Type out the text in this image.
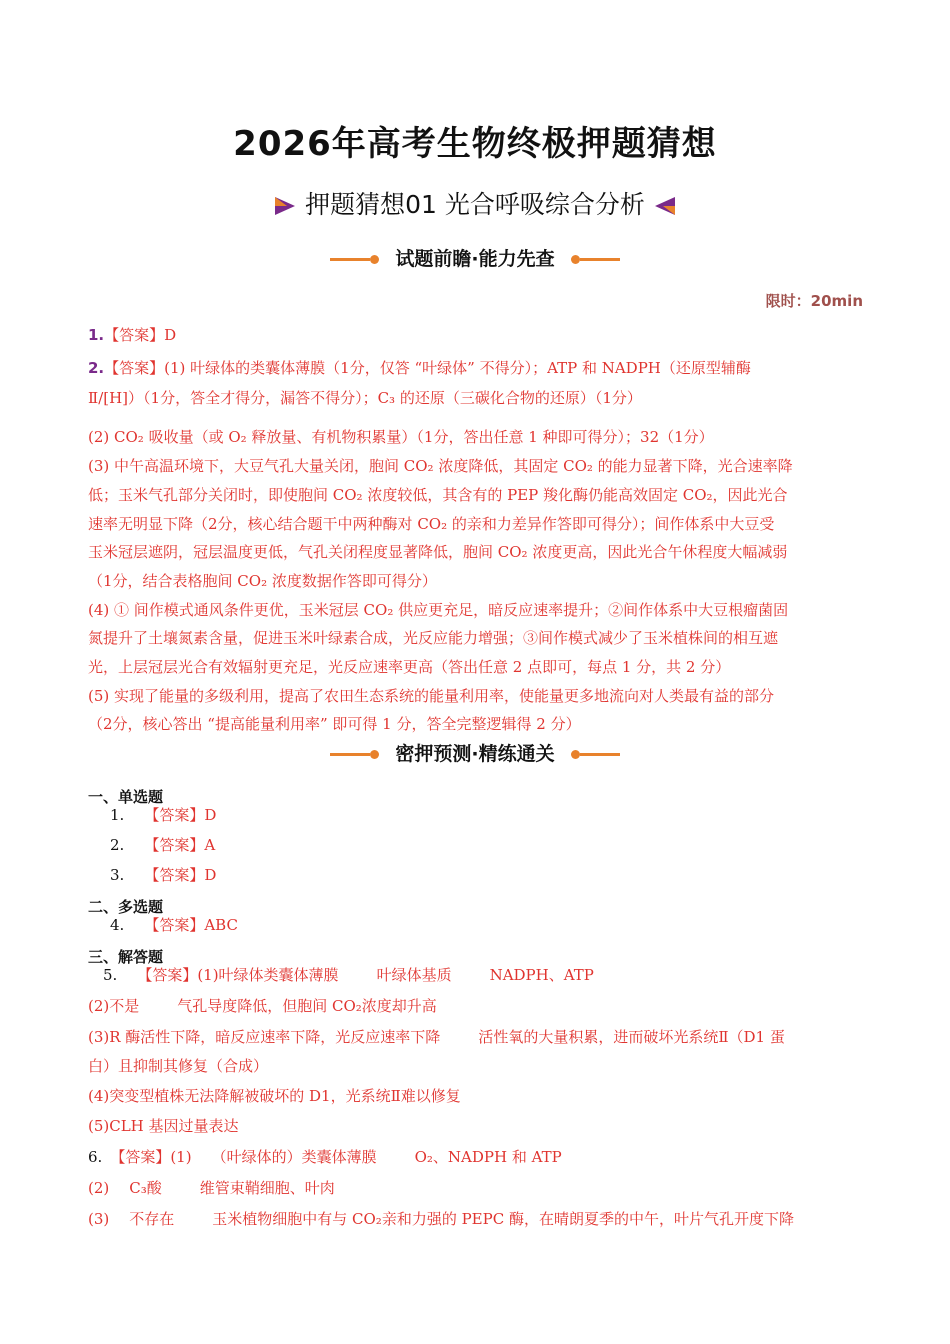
2026年高考生物终极押题猜想
押题猜想01 光合呼吸综合分析
试题前瞻·能力先查
限时：20min
1.【答案】D
2.【答案】(1) 叶绿体的类囊体薄膜（1分，仅答 “叶绿体” 不得分）；ATP 和 NADPH（还原型辅酶
Ⅱ/[H]）（1分，答全才得分，漏答不得分）；C₃ 的还原（三碳化合物的还原）（1分）
(2) CO₂ 吸收量（或 O₂ 释放量、有机物积累量）（1分，答出任意 1 种即可得分）；32（1分）
(3) 中午高温环境下，大豆气孔大量关闭，胞间 CO₂ 浓度降低，其固定 CO₂ 的能力显著下降，光合速率降
低；玉米气孔部分关闭时，即使胞间 CO₂ 浓度较低，其含有的 PEP 羧化酶仍能高效固定 CO₂，因此光合
速率无明显下降（2分，核心结合题干中两种酶对 CO₂ 的亲和力差异作答即可得分）；间作体系中大豆受
玉米冠层遮阴，冠层温度更低，气孔关闭程度显著降低，胞间 CO₂ 浓度更高，因此光合午休程度大幅减弱
（1分，结合表格胞间 CO₂ 浓度数据作答即可得分）
(4) ① 间作模式通风条件更优，玉米冠层 CO₂ 供应更充足，暗反应速率提升；②间作体系中大豆根瘤菌固
氮提升了土壤氮素含量，促进玉米叶绿素合成，光反应能力增强；③间作模式减少了玉米植株间的相互遮
光，上层冠层光合有效辐射更充足，光反应速率更高（答出任意 2 点即可，每点 1 分，共 2 分）
(5) 实现了能量的多级利用，提高了农田生态系统的能量利用率，使能量更多地流向对人类最有益的部分
（2分，核心答出 “提高能量利用率” 即可得 1 分，答全完整逻辑得 2 分）
密押预测·精练通关
一、单选题
1. 【答案】D
2. 【答案】A
3. 【答案】D
二、多选题
4. 【答案】ABC
三、解答题
5. 【答案】(1)叶绿体类囊体薄膜	叶绿体基质	NADPH、ATP
(2)不是	气孔导度降低，但胞间 CO₂浓度却升高
(3)R 酶活性下降，暗反应速率下降，光反应速率下降	活性氧的大量积累，进而破坏光系统Ⅱ（D1 蛋
白）且抑制其修复（合成）
(4)突变型植株无法降解被破坏的 D1，光系统Ⅱ难以修复
(5)CLH 基因过量表达
6. 【答案】(1) （叶绿体的）类囊体薄膜	O₂、NADPH 和 ATP
(2) C₃酸	维管束鞘细胞、叶肉
(3) 不存在	玉米植物细胞中有与 CO₂亲和力强的 PEPC 酶，在晴朗夏季的中午，叶片气孔开度下降
